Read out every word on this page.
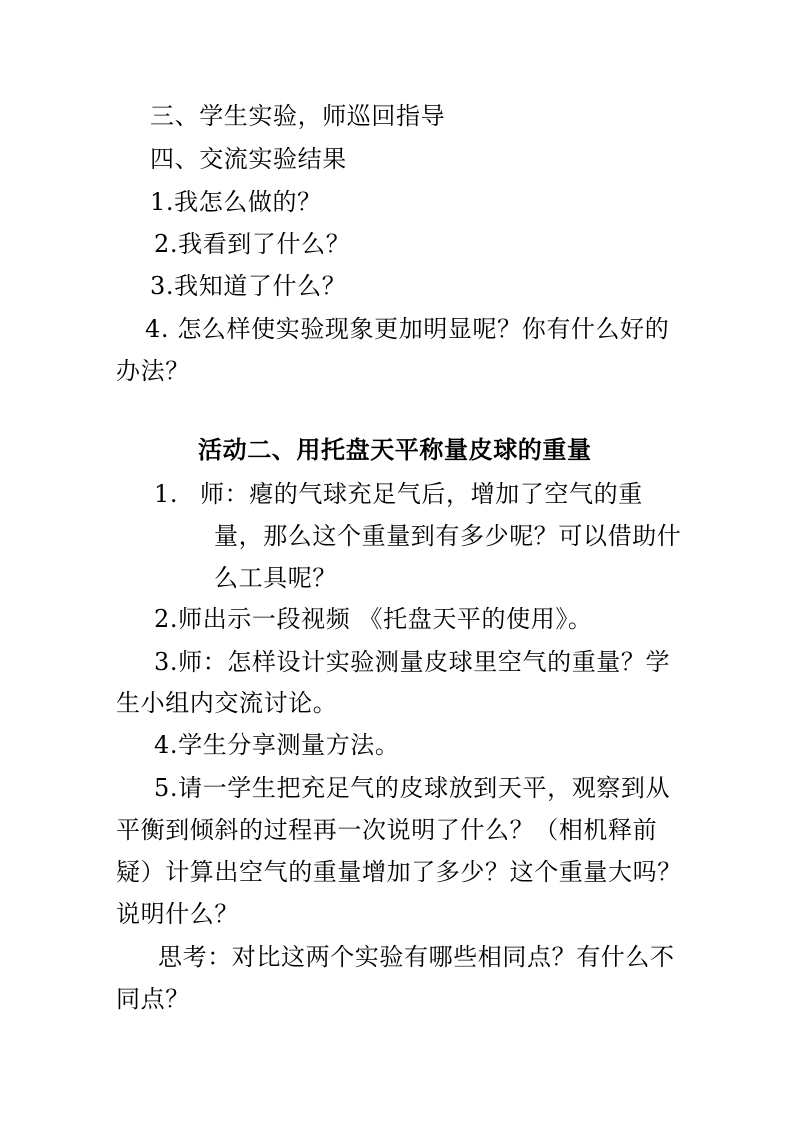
三、学生实验，师巡回指导
四、交流实验结果
1.我怎么做的？
2.我看到了什么？
3.我知道了什么？
4. 怎么样使实验现象更加明显呢？你有什么好的
办法？
活动二、用托盘天平称量皮球的重量
1. 师：瘪的气球充足气后，增加了空气的重
量，那么这个重量到有多少呢？可以借助什
么工具呢？
2.师出示一段视频 《托盘天平的使用》。
3.师：怎样设计实验测量皮球里空气的重量？学
生小组内交流讨论。
4.学生分享测量方法。
5.请一学生把充足气的皮球放到天平，观察到从
平衡到倾斜的过程再一次说明了什么？（相机释前
疑）计算出空气的重量增加了多少？这个重量大吗？
说明什么？
思考：对比这两个实验有哪些相同点？有什么不
同点？
